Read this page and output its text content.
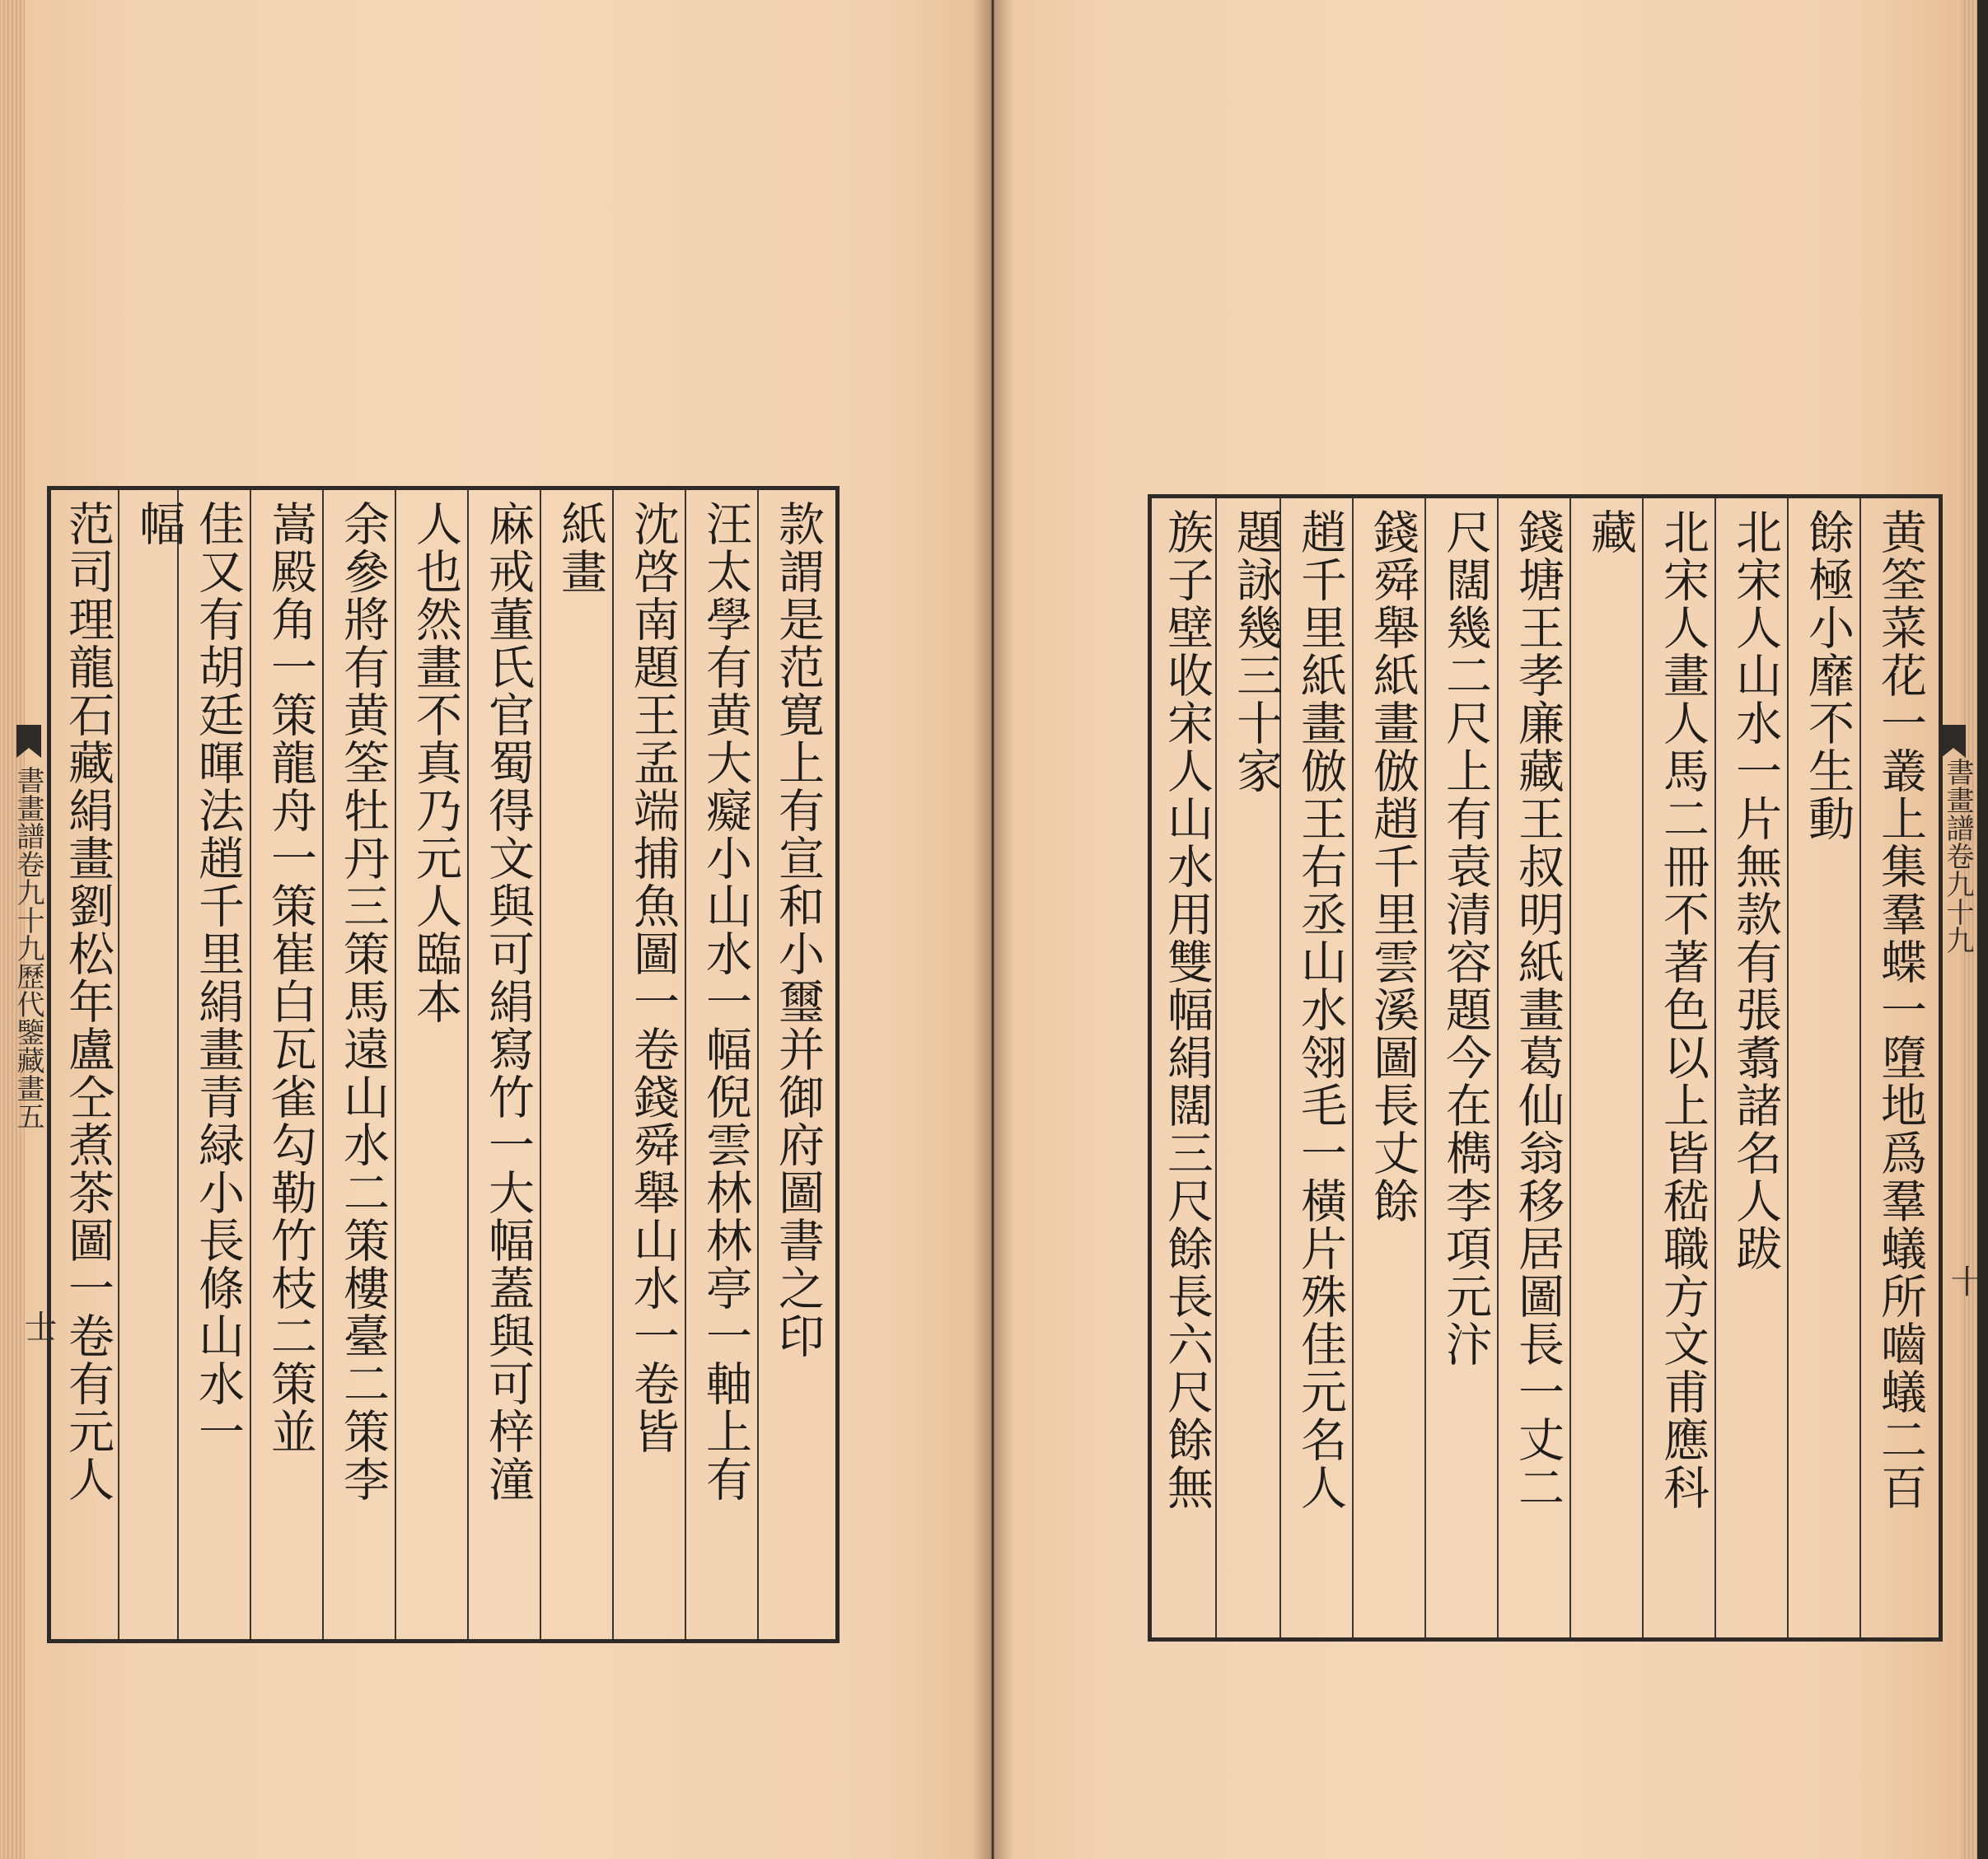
書畫譜卷九十九歷代鑒藏畫五
士	款謂是范寛上有宣和小璽并御府圖書之印
汪太學有黄大癡小山水一幅倪雲林林亭一軸上有
沈啓南題王孟端捕魚圖一卷錢舜舉山水一卷皆
紙畫
麻戒董氏官蜀得文與可絹寫竹一大幅蓋與可梓潼
人也然畫不真乃元人臨本
余參將有黄筌牡丹三策馬遠山水二策樓臺二策李
嵩殿角一策龍舟一策崔白瓦雀勾勒竹枝二策並
佳又有胡廷暉法趙千里絹畫青緑小長條山水一
幅
范司理龍石藏絹畫劉松年盧仝煮茶圖一卷有元人	黄筌菜花一叢上集羣蝶一墮地爲羣蟻所嚙蟻二百
餘極小靡不生動
北宋人山水一片無款有張翥諸名人跋
北宋人畫人馬二冊不著色以上皆嵇職方文甫應科
藏
錢塘王孝廉藏王叔明紙畫葛仙翁移居圖長一丈二
尺闊幾二尺上有袁清容題今在檇李項元汴
錢舜舉紙畫倣趙千里雲溪圖長丈餘
趙千里紙畫倣王右丞山水翎毛一橫片殊佳元名人
題詠幾三十家
族子壁收宋人山水用雙幅絹闊三尺餘長六尺餘無	書畫譜卷九十九
十
